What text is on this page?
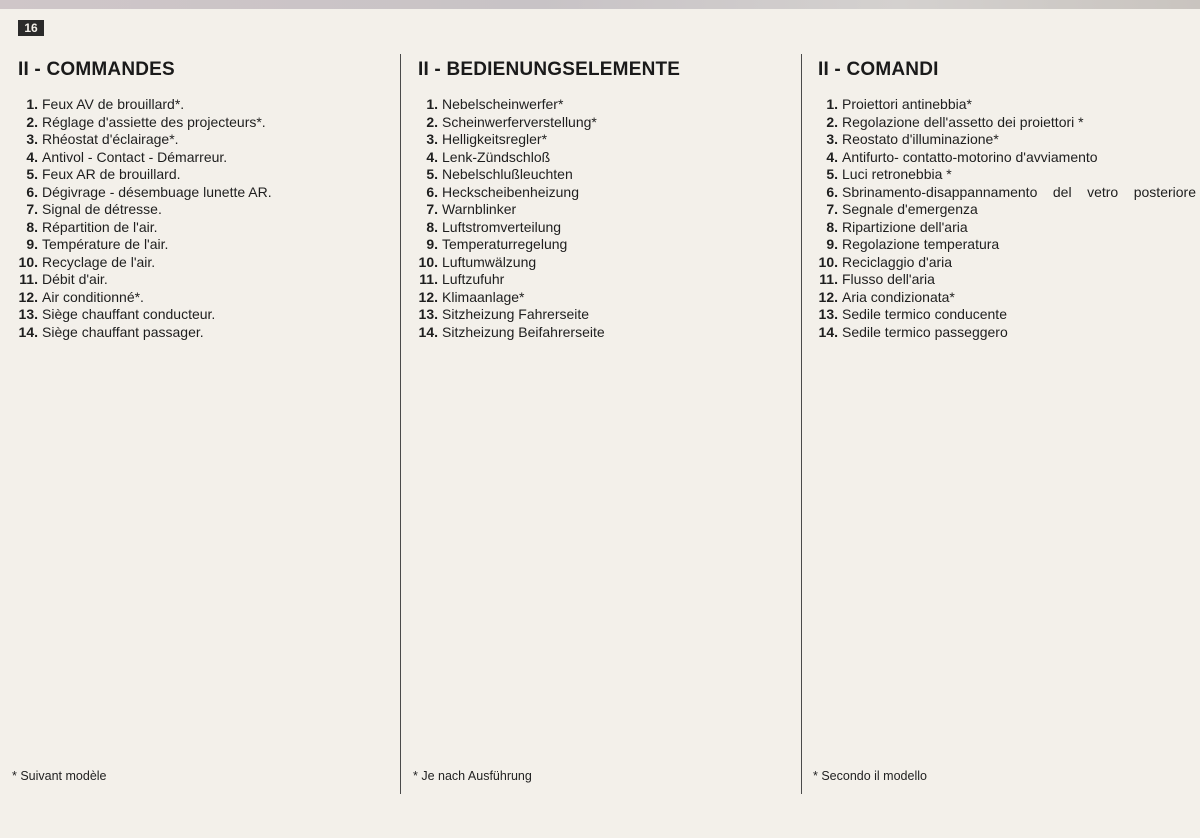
16
II - COMMANDES
1. Feux AV de brouillard*.
2. Réglage d'assiette des projecteurs*.
3. Rhéostat d'éclairage*.
4. Antivol - Contact - Démarreur.
5. Feux AR de brouillard.
6. Dégivrage - désembuage lunette AR.
7. Signal de détresse.
8. Répartition de l'air.
9. Température de l'air.
10. Recyclage de l'air.
11. Débit d'air.
12. Air conditionné*.
13. Siège chauffant conducteur.
14. Siège chauffant passager.
II - BEDIENUNGSELEMENTE
1. Nebelscheinwerfer*
2. Scheinwerferverstellung*
3. Helligkeitsregler*
4. Lenk-Zündschloß
5. Nebelschlußleuchten
6. Heckscheibenheizung
7. Warnblinker
8. Luftstromverteilung
9. Temperaturregelung
10. Luftumwälzung
11. Luftzufuhr
12. Klimaanlage*
13. Sitzheizung Fahrerseite
14. Sitzheizung Beifahrerseite
II - COMANDI
1. Proiettori antinebbia*
2. Regolazione dell'assetto dei proiettori *
3. Reostato d'illuminazione*
4. Antifurto- contatto-motorino d'avviamento
5. Luci retronebbia *
6. Sbrinamento-disappannamento del vetro posteriore
7. Segnale d'emergenza
8. Ripartizione dell'aria
9. Regolazione temperatura
10. Reciclaggio d'aria
11. Flusso dell'aria
12. Aria condizionata*
13. Sedile termico conducente
14. Sedile termico passeggero
* Suivant modèle	* Je nach Ausführung	* Secondo il modello
